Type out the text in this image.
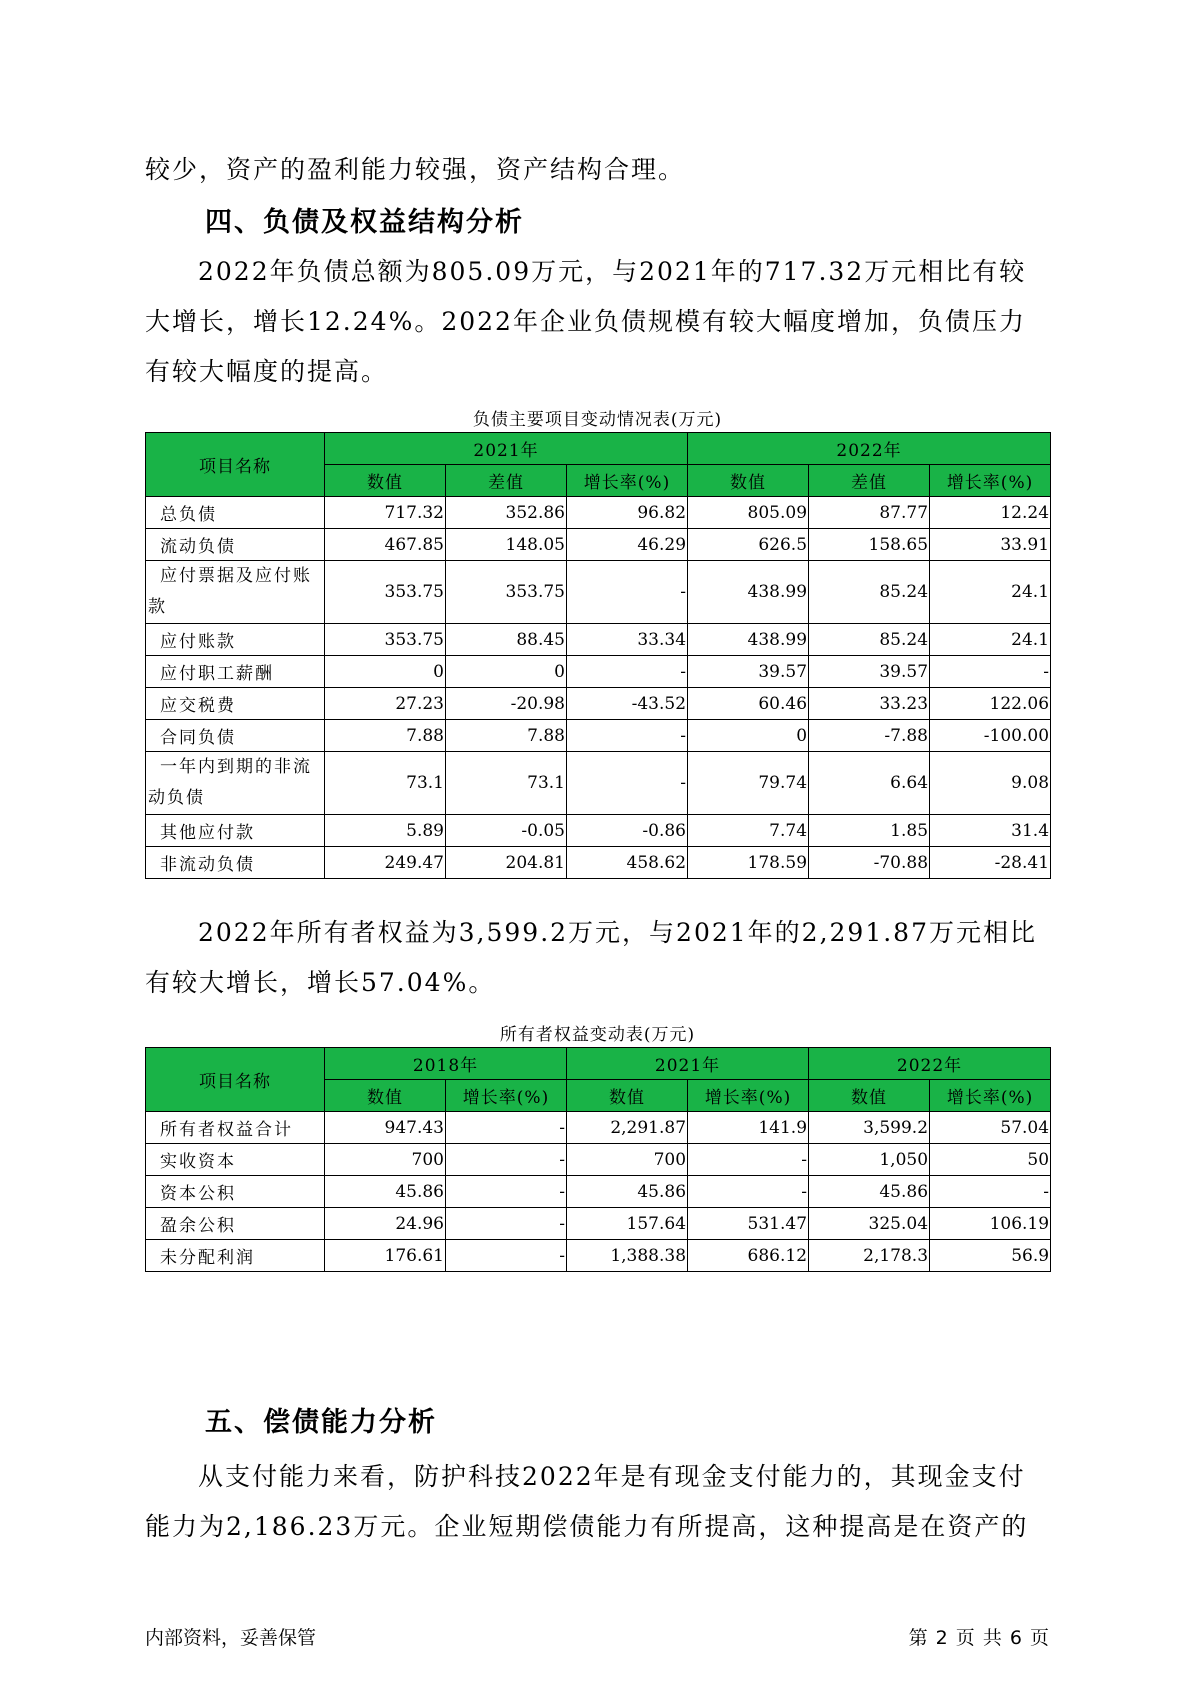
较少，资产的盈利能力较强，资产结构合理。

四、负债及权益结构分析

2022年负债总额为805.09万元，与2021年的717.32万元相比有较大增长，增长12.24%。2022年企业负债规模有较大幅度增加，负债压力有较大幅度的提高。

负债主要项目变动情况表(万元)
项目名称	2021年			2022年		
	数值	差值	增长率(%)	数值	差值	增长率(%)
总负债	717.32	352.86	96.82	805.09	87.77	12.24
流动负债	467.85	148.05	46.29	626.5	158.65	33.91
应付票据及应付账款	353.75	353.75	-	438.99	85.24	24.1
应付账款	353.75	88.45	33.34	438.99	85.24	24.1
应付职工薪酬	0	0	-	39.57	39.57	-
应交税费	27.23	-20.98	-43.52	60.46	33.23	122.06
合同负债	7.88	7.88	-	0	-7.88	-100.00
一年内到期的非流动负债	73.1	73.1	-	79.74	6.64	9.08
其他应付款	5.89	-0.05	-0.86	7.74	1.85	31.4
非流动负债	249.47	204.81	458.62	178.59	-70.88	-28.41

2022年所有者权益为3,599.2万元，与2021年的2,291.87万元相比有较大增长，增长57.04%。

所有者权益变动表(万元)
项目名称	2018年		2021年		2022年	
	数值	增长率(%)	数值	增长率(%)	数值	增长率(%)
所有者权益合计	947.43	-	2,291.87	141.9	3,599.2	57.04
实收资本	700	-	700	-	1,050	50
资本公积	45.86	-	45.86	-	45.86	-
盈余公积	24.96	-	157.64	531.47	325.04	106.19
未分配利润	176.61	-	1,388.38	686.12	2,178.3	56.9
五、偿债能力分析

从支付能力来看，防护科技2022年是有现金支付能力的，其现金支付能力为2,186.23万元。企业短期偿债能力有所提高，这种提高是在资产的

内部资料，妥善保管	第 2 页 共 6 页
